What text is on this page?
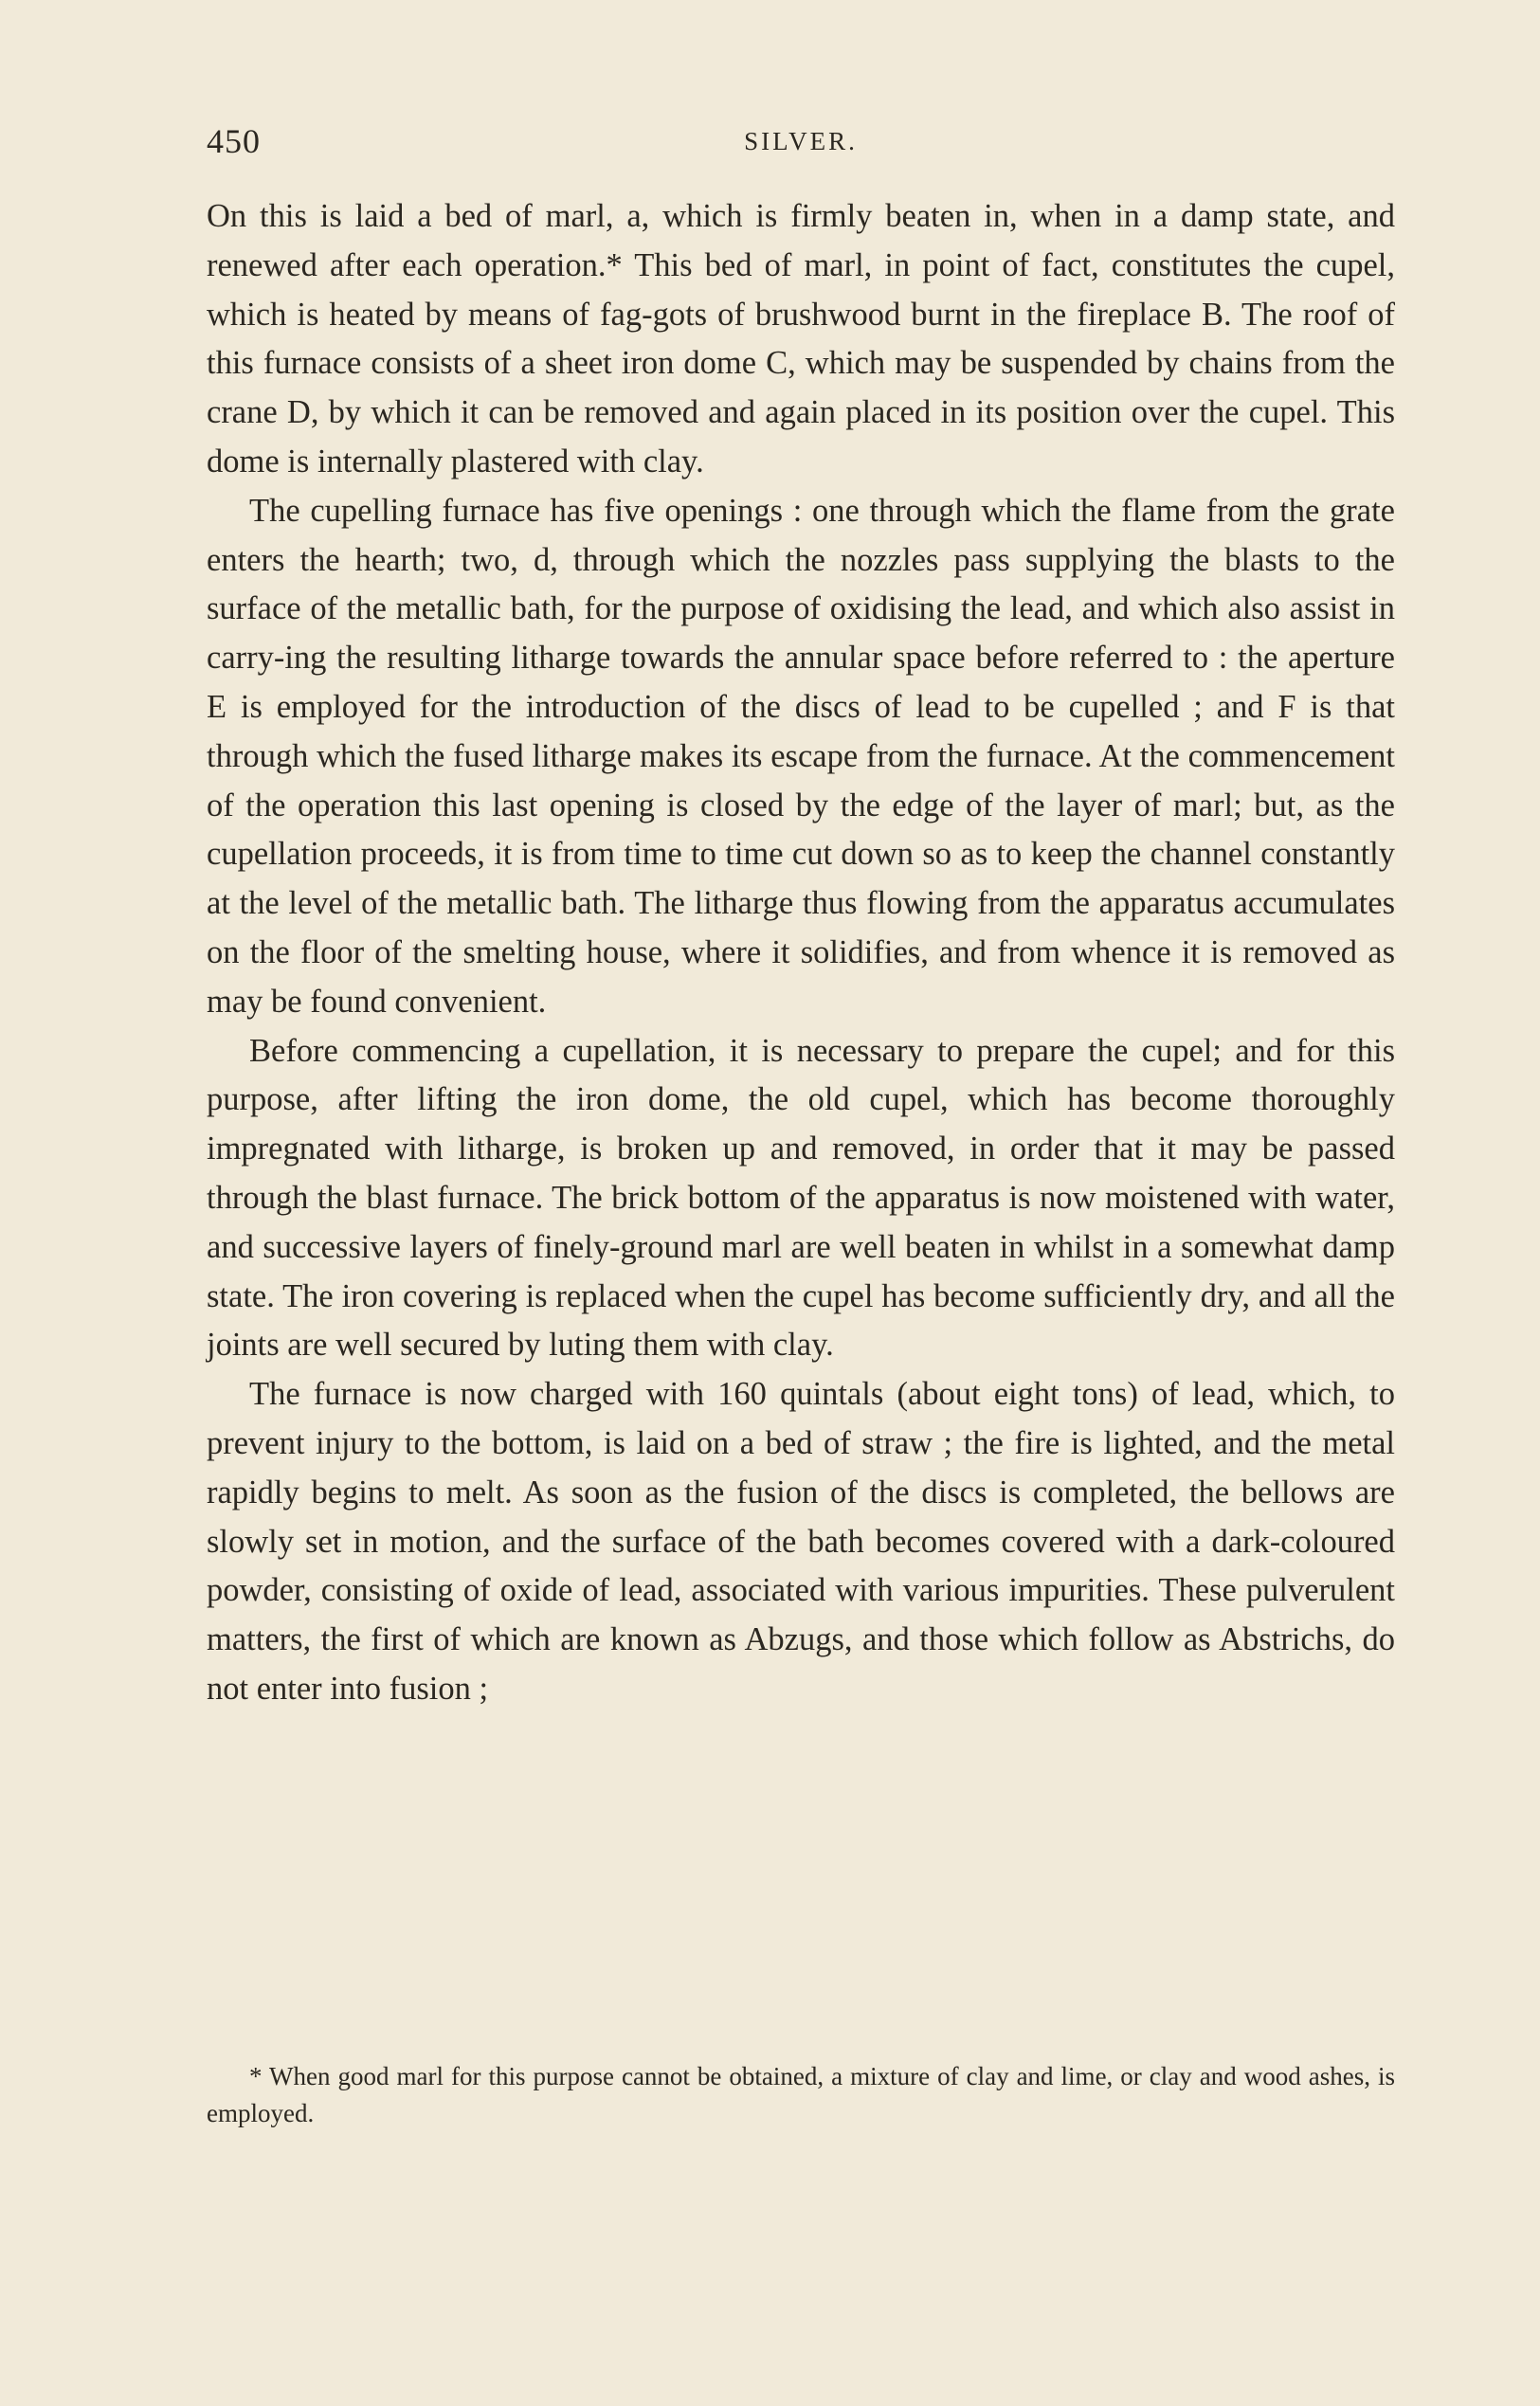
450	SILVER.

On this is laid a bed of marl, a, which is firmly beaten in, when in a damp state, and renewed after each operation.* This bed of marl, in point of fact, constitutes the cupel, which is heated by means of fag-gots of brushwood burnt in the fireplace B. The roof of this furnace consists of a sheet iron dome C, which may be suspended by chains from the crane D, by which it can be removed and again placed in its position over the cupel. This dome is internally plastered with clay.

The cupelling furnace has five openings : one through which the flame from the grate enters the hearth; two, d, through which the nozzles pass supplying the blasts to the surface of the metallic bath, for the purpose of oxidising the lead, and which also assist in carry-ing the resulting litharge towards the annular space before referred to : the aperture E is employed for the introduction of the discs of lead to be cupelled ; and F is that through which the fused litharge makes its escape from the furnace. At the commencement of the operation this last opening is closed by the edge of the layer of marl; but, as the cupellation proceeds, it is from time to time cut down so as to keep the channel constantly at the level of the metallic bath. The litharge thus flowing from the apparatus accumulates on the floor of the smelting house, where it solidifies, and from whence it is removed as may be found convenient.

Before commencing a cupellation, it is necessary to prepare the cupel; and for this purpose, after lifting the iron dome, the old cupel, which has become thoroughly impregnated with litharge, is broken up and removed, in order that it may be passed through the blast furnace. The brick bottom of the apparatus is now moistened with water, and successive layers of finely-ground marl are well beaten in whilst in a somewhat damp state. The iron covering is replaced when the cupel has become sufficiently dry, and all the joints are well secured by luting them with clay.

The furnace is now charged with 160 quintals (about eight tons) of lead, which, to prevent injury to the bottom, is laid on a bed of straw ; the fire is lighted, and the metal rapidly begins to melt. As soon as the fusion of the discs is completed, the bellows are slowly set in motion, and the surface of the bath becomes covered with a dark-coloured powder, consisting of oxide of lead, associated with various impurities. These pulverulent matters, the first of which are known as Abzugs, and those which follow as Abstrichs, do not enter into fusion ;

* When good marl for this purpose cannot be obtained, a mixture of clay and lime, or clay and wood ashes, is employed.
